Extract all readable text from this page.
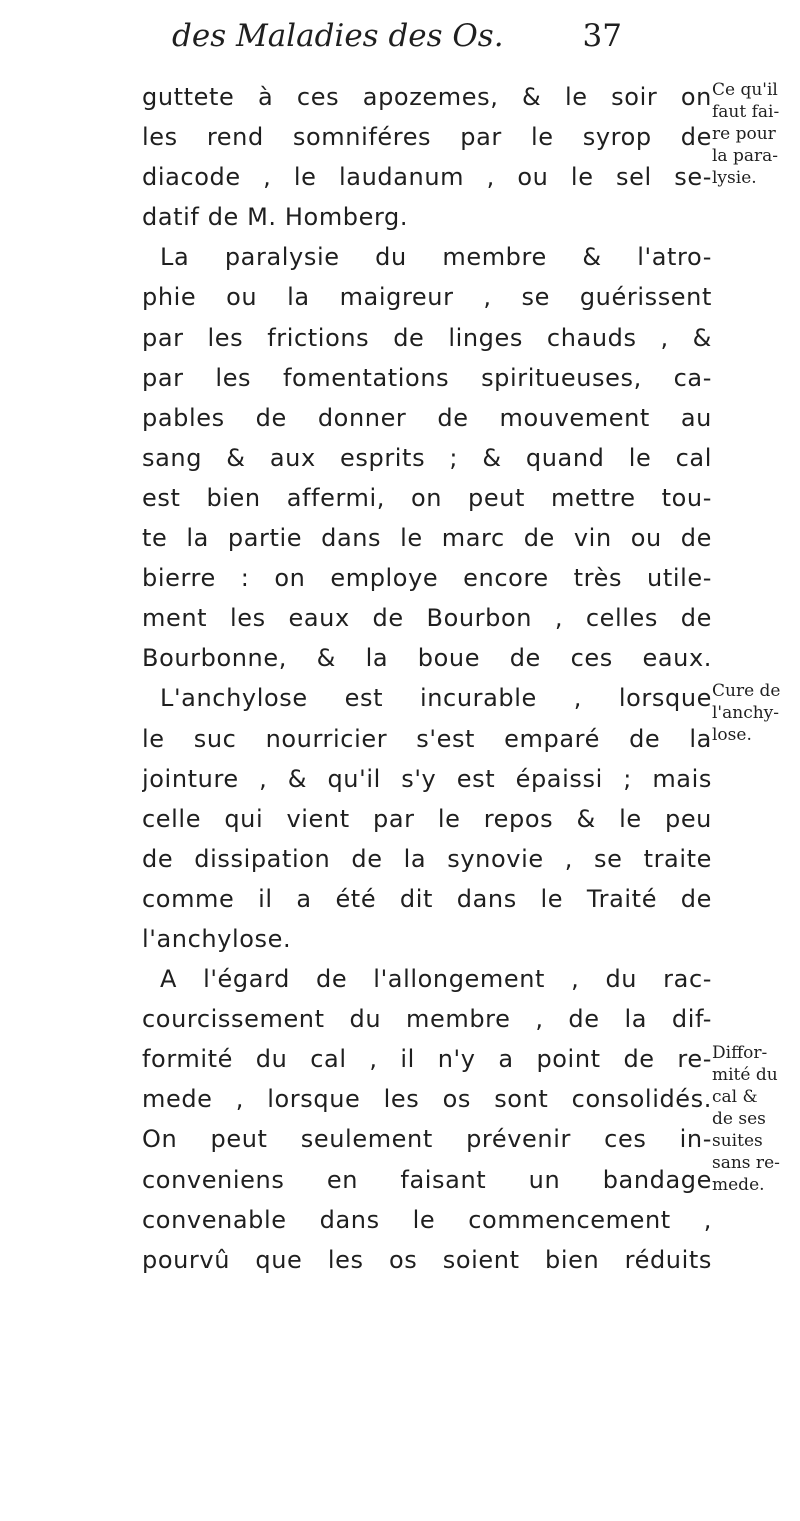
des Maladies des Os.	37
guttete à ces apozemes, & le soir on
les rend somniféres par le syrop de
diacode , le laudanum , ou le sel se-
datif de M. Homberg.
La paralysie du membre & l'atro-
phie ou la maigreur , se guérissent
par les frictions de linges chauds , &
par les fomentations spiritueuses, ca-
pables de donner de mouvement au
sang & aux esprits ; & quand le cal
est bien affermi, on peut mettre tou-
te la partie dans le marc de vin ou de
bierre : on employe encore très utile-
ment les eaux de Bourbon , celles de
Bourbonne, & la boue de ces eaux.
L'anchylose est incurable , lorsque
le suc nourricier s'est emparé de la
jointure , & qu'il s'y est épaissi ; mais
celle qui vient par le repos & le peu
de dissipation de la synovie , se traite
comme il a été dit dans le Traité de
l'anchylose.
A l'égard de l'allongement , du rac-
courcissement du membre , de la dif-
formité du cal , il n'y a point de re-
mede , lorsque les os sont consolidés.
On peut seulement prévenir ces in-
conveniens en faisant un bandage
convenable dans le commencement ,
pourvû que les os soient bien réduits
Ce qu'il
faut fai-
re pour
la para-
lysie.
Cure de
l'anchy-
lose.
Diffor-
mité du
cal &
de ses
suites
sans re-
mede.
